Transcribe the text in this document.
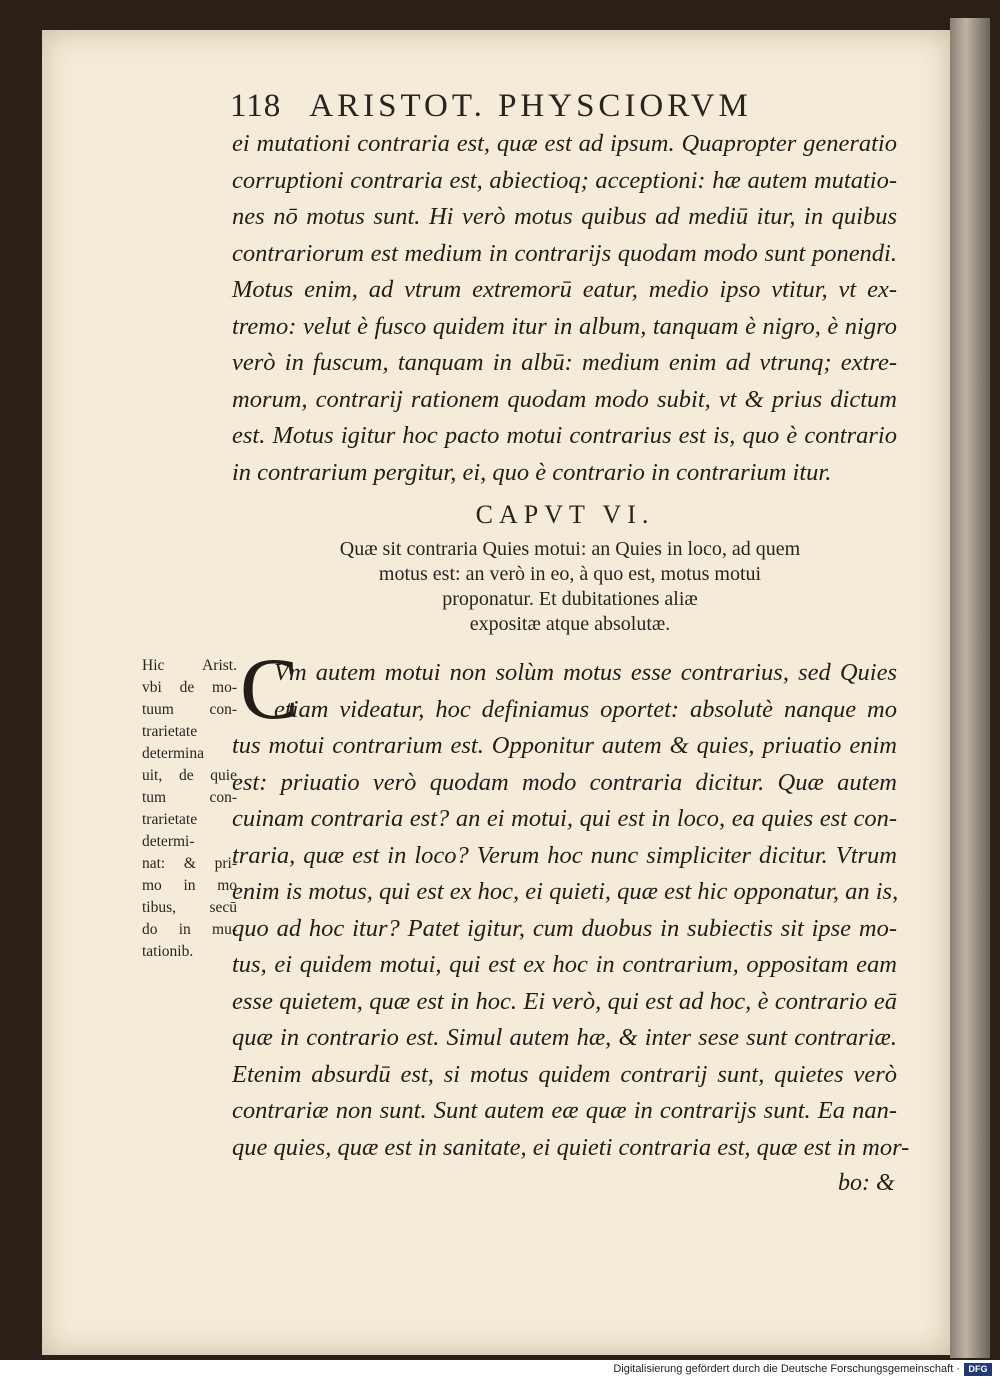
118 ARISTOT. PHYSCIORVM
ei mutationi contraria est, quæ est ad ipsum. Quapropter generatio
corruptioni contraria est, abiectioq; acceptioni: hæ autem mutatio-
nes nō motus sunt. Hi verò motus quibus ad mediū itur, in quibus
contrariorum est medium in contrarijs quodam modo sunt ponendi.
Motus enim, ad vtrum extremorū eatur, medio ipso vtitur, vt ex-
tremo: velut è fusco quidem itur in album, tanquam è nigro, è nigro
verò in fuscum, tanquam in albū: medium enim ad vtrunq; extre-
morum, contrarij rationem quodam modo subit, vt & prius dictum
est. Motus igitur hoc pacto motui contrarius est is, quo è contrario
in contrarium pergitur, ei, quo è contrario in contrarium itur.
CAPVT VI.
Quæ sit contraria Quies motui: an Quies in loco, ad quem
motus est: an verò in eo, à quo est, motus motui
proponatur. Et dubitationes aliæ
expositæ atque absolutæ.
Hic Arist.
vbi de mo-
tuum con-
trarietate
determina
uit, de quie
tum con-
trarietate
determi-
nat: & pri-
mo in mo
tibus, secū
do in mu-
tationib.
C
Vm autem motui non solùm motus esse contrarius, sed Quies
etiam videatur, hoc definiamus oportet: absolutè nanque mo
tus motui contrarium est. Opponitur autem & quies, priuatio enim
est: priuatio verò quodam modo contraria dicitur. Quæ autem
cuinam contraria est? an ei motui, qui est in loco, ea quies est con-
traria, quæ est in loco? Verum hoc nunc simpliciter dicitur. Vtrum
enim is motus, qui est ex hoc, ei quieti, quæ est hic opponatur, an is,
quo ad hoc itur? Patet igitur, cum duobus in subiectis sit ipse mo-
tus, ei quidem motui, qui est ex hoc in contrarium, oppositam eam
esse quietem, quæ est in hoc. Ei verò, qui est ad hoc, è contrario eā
quæ in contrario est. Simul autem hæ, & inter sese sunt contrariæ.
Etenim absurdū est, si motus quidem contrarij sunt, quietes verò
contrariæ non sunt. Sunt autem eæ quæ in contrarijs sunt. Ea nan-
que quies, quæ est in sanitate, ei quieti contraria est, quæ est in mor-
bo: &
Digitalisierung gefördert durch die Deutsche Forschungsgemeinschaft · DFG
